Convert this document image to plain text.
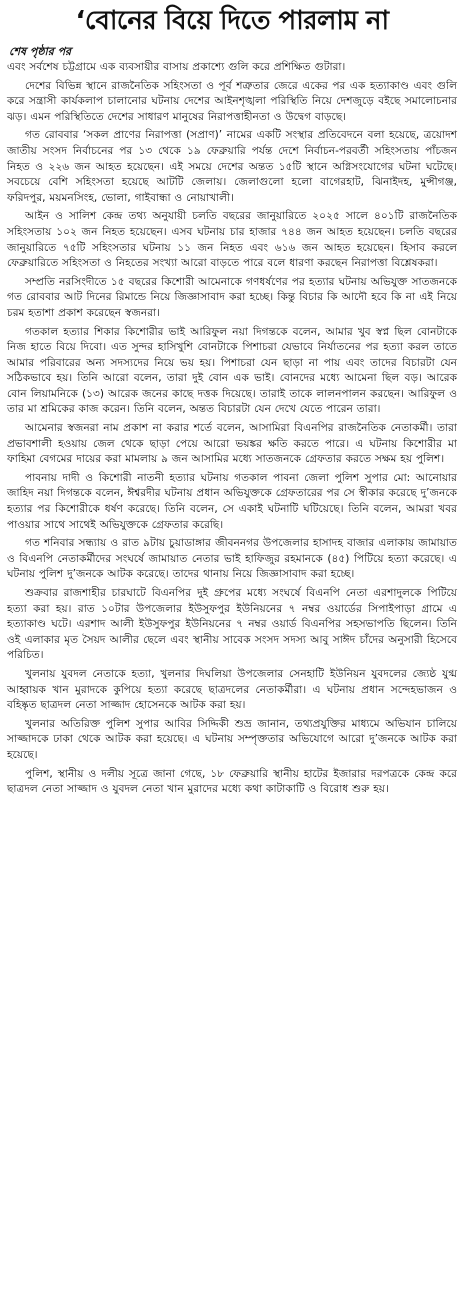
‘বোনের বিয়ে দিতে পারলাম না
শেষ পৃষ্ঠার পর

এবং সর্বশেষ চট্টগ্রামে এক ব্যবসায়ীর বাসায় প্রকাশ্যে গুলি করে প্রশিক্ষিত গুটারা।

দেশের বিভিন্ন স্থানে রাজনৈতিক সহিংসতা ও পূর্ব শত্রুতার জেরে একের পর এক হত্যাকাণ্ড এবং গুলি করে সন্ত্রাসী কার্যকলাপ চালানোর ঘটনায় দেশের আইনশৃঙ্খলা পরিস্থিতি নিয়ে দেশজুড়ে বইছে সমালোচনার ঝড়। এমন পরিস্থিতিতে দেশের সাধারণ মানুষের নিরাপত্তাহীনতা ও উদ্বেগ বাড়ছে।

গত রোববার ‘সকল প্রাণের নিরাপত্তা (সপ্রাণ)’ নামের একটি সংস্থার প্রতিবেদনে বলা হয়েছে, ত্রয়োদশ জাতীয় সংসদ নির্বাচনের পর ১৩ থেকে ১৯ ফেব্রুয়ারি পর্যন্ত দেশে নির্বাচন-পরবর্তী সহিংসতায় পাঁচজন নিহত ও ২২৬ জন আহত হয়েছেন। এই সময়ে দেশের অন্তত ১৫টি স্থানে অগ্নিসংযোগের ঘটনা ঘটেছে। সবচেয়ে বেশি সহিংসতা হয়েছে আটটি জেলায়। জেলাগুলো হলো বাগেরহাট, ঝিনাইদহ, মুন্সীগঞ্জ, ফরিদপুর, ময়মনসিংহ, ভোলা, গাইবান্ধা ও নোয়াখালী।

আইন ও সালিশ কেন্দ্র তথ্য অনুযায়ী চলতি বছরের জানুয়ারিতে ২০২৫ সালে ৪০১টি রাজনৈতিক সহিংসতায় ১০২ জন নিহত হয়েছেন। এসব ঘটনায় চার হাজার ৭৪৪ জন আহত হয়েছেন। চলতি বছরের জানুয়ারিতে ৭৫টি সহিংসতার ঘটনায় ১১ জন নিহত এবং ৬১৬ জন আহত হয়েছেন। হিসাব করলে ফেব্রুয়ারিতে সহিংসতা ও নিহতের সংখ্যা আরো বাড়তে পারে বলে ধারণা করছেন নিরাপত্তা বিশ্লেষকরা।

সম্প্রতি নরসিংদীতে ১৫ বছরের কিশোরী আমেনাকে গণধর্ষণের পর হত্যার ঘটনায় অভিযুক্ত সাতজনকে গত রোববার আট দিনের রিমান্ডে নিয়ে জিজ্ঞাসাবাদ করা হচ্ছে। কিন্তু বিচার কি আদৌ হবে কি না এই নিয়ে চরম হতাশা প্রকাশ করেছেন স্বজনরা।

গতকাল হত্যার শিকার কিশোরীর ভাই আরিফুল নয়া দিগন্তকে বলেন, আমার খুব স্বপ্ন ছিল বোনটাকে নিজ হাতে বিয়ে দিবো। এত সুন্দর হাসিখুশি বোনটাকে পিশাচরা যেভাবে নির্যাতনের পর হত্যা করল তাতে আমার পরিবারের অন্য সদস্যদের নিয়ে ভয় হয়। পিশাচরা যেন ছাড়া না পায় এবং তাদের বিচারটা যেন সঠিকভাবে হয়। তিনি আরো বলেন, তারা দুই বোন এক ভাই। বোনদের মধ্যে আমেনা ছিল বড়। আরেক বোন লিয়ামনিকে (১৩) আরেক জনের কাছে দত্তক দিয়েছে। তারাই তাকে লালনপালন করছেন। আরিফুল ও তার মা শ্রমিকের কাজ করেন। তিনি বলেন, অন্তত বিচারটা যেন দেখে যেতে পারেন তারা।

আমেনার স্বজনরা নাম প্রকাশ না করার শর্তে বলেন, আসামিরা বিএনপির রাজনৈতিক নেতাকর্মী। তারা প্রভাবশালী হওয়ায় জেল থেকে ছাড়া পেয়ে আরো ভয়ঙ্কর ক্ষতি করতে পারে। এ ঘটনায় কিশোরীর মা ফাহিমা বেগমের দায়ের করা মামলায় ৯ জন আসামির মধ্যে সাতজনকে গ্রেফতার করতে সক্ষম হয় পুলিশ।

পাবনায় দাদী ও কিশোরী নাতনী হত্যার ঘটনায় গতকাল পাবনা জেলা পুলিশ সুপার মো: আনোয়ার জাহিদ নয়া দিগন্তকে বলেন, ঈশ্বরদীর ঘটনায় প্রধান অভিযুক্তকে গ্রেফতারের পর সে স্বীকার করেছে দু’জনকে হত্যার পর কিশোরীকে ধর্ষণ করেছে। তিনি বলেন, সে একাই ঘটনাটি ঘটিয়েছে। তিনি বলেন, আমরা খবর পাওয়ার সাথে সাথেই অভিযুক্তকে গ্রেফতার করেছি।

গত শনিবার সন্ধ্যায় ও রাত ৯টায় চুয়াডাঙ্গার জীবননগর উপজেলার হাসাদহ বাজার এলাকায় জামায়াত ও বিএনপি নেতাকর্মীদের সংঘর্ষে জামায়াত নেতার ভাই হাফিজুর রহমানকে (৪৫) পিটিয়ে হত্যা করেছে। এ ঘটনায় পুলিশ দু’জনকে আটক করেছে। তাদের থানায় নিয়ে জিজ্ঞাসাবাদ করা হচ্ছে।

শুক্রবার রাজশাহীর চারঘাটে বিএনপির দুই গ্রুপের মধ্যে সংঘর্ষে বিএনপি নেতা এরশাদুলকে পিটিয়ে হত্যা করা হয়। রাত ১০টার উপজেলার ইউসুফপুর ইউনিয়নের ৭ নম্বর ওয়ার্ডের সিপাইপাড়া গ্রামে এ হত্যাকাণ্ড ঘটে। এরশাদ আলী ইউসুফপুর ইউনিয়নের ৭ নম্বর ওয়ার্ড বিএনপির সহসভাপতি ছিলেন। তিনি ওই এলাকার মৃত সৈয়দ আলীর ছেলে এবং স্থানীয় সাবেক সংসদ সদস্য আবু সাঈদ চাঁদের অনুসারী হিসেবে পরিচিত।

খুলনায় যুবদল নেতাকে হত্যা, খুলনার দিঘলিয়া উপজেলার সেনহাটি ইউনিয়ন যুবদলের জ্যেষ্ঠ যুগ্ম আহ্বায়ক খান মুরাদকে কুপিয়ে হত্যা করেছে ছাত্রদলের নেতাকর্মীরা। এ ঘটনায় প্রধান সন্দেহভাজন ও বহিষ্কৃত ছাত্রদল নেতা সাজ্জাদ হোসেনকে আটক করা হয়।

খুলনার অতিরিক্ত পুলিশ সুপার আবির সিদ্দিকী শুভ্র জানান, তথ্যপ্রযুক্তির মাধ্যমে অভিযান চালিয়ে সাজ্জাদকে ঢাকা থেকে আটক করা হয়েছে। এ ঘটনায় সম্পৃক্ততার অভিযোগে আরো দু’জনকে আটক করা হয়েছে।

পুলিশ, স্থানীয় ও দলীয় সূত্রে জানা গেছে, ১৮ ফেব্রুয়ারি স্থানীয় হাটের ইজারার দরপত্রকে কেন্দ্র করে ছাত্রদল নেতা সাজ্জাদ ও যুবদল নেতা খান মুরাদের মধ্যে কথা কাটাকাটি ও বিরোধ শুরু হয়।
